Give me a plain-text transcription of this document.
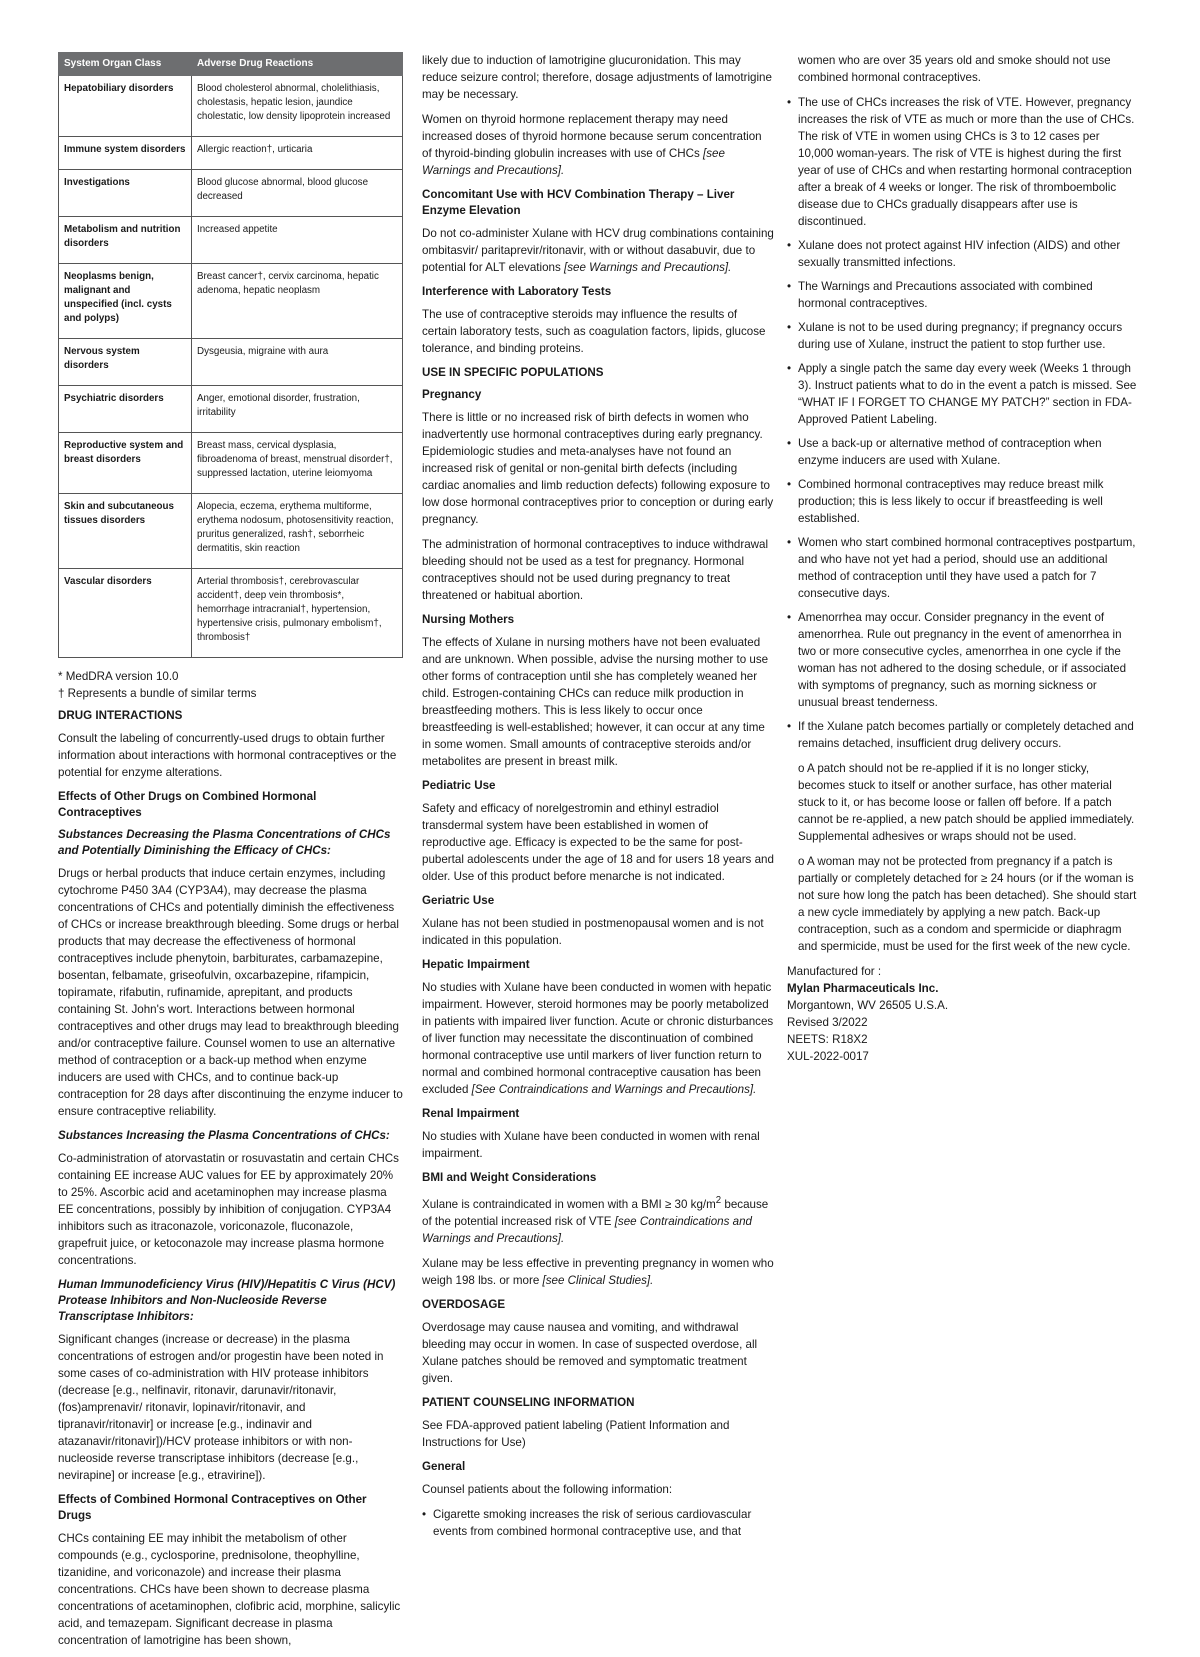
System Organ Class	Adverse Drug Reactions
Hepatobiliary disorders	Blood cholesterol abnormal, cholelithiasis, cholestasis, hepatic lesion, jaundice cholestatic, low density lipoprotein increased
Immune system disorders	Allergic reaction†, urticaria
Investigations	Blood glucose abnormal, blood glucose decreased
Metabolism and nutrition disorders	Increased appetite
Neoplasms benign, malignant and unspecified (incl. cysts and polyps)	Breast cancer†, cervix carcinoma, hepatic adenoma, hepatic neoplasm
Nervous system disorders	Dysgeusia, migraine with aura
Psychiatric disorders	Anger, emotional disorder, frustration, irritability
Reproductive system and breast disorders	Breast mass, cervical dysplasia, fibroadenoma of breast, menstrual disorder†, suppressed lactation, uterine leiomyoma
Skin and subcutaneous tissues disorders	Alopecia, eczema, erythema multiforme, erythema nodosum, photosensitivity reaction, pruritus generalized, rash†, seborrheic dermatitis, skin reaction
Vascular disorders	Arterial thrombosis†, cerebrovascular accident†, deep vein thrombosis*, hemorrhage intracranial†, hypertension, hypertensive crisis, pulmonary embolism†, thrombosis†

* MedDRA version 10.0

† Represents a bundle of similar terms

DRUG INTERACTIONS

Consult the labeling of concurrently-used drugs to obtain further information about interactions with hormonal contraceptives or the potential for enzyme alterations.

Effects of Other Drugs on Combined Hormonal Contraceptives
Substances Decreasing the Plasma Concentrations of CHCs and Potentially Diminishing the Efficacy of CHCs:

Drugs or herbal products that induce certain enzymes, including cytochrome P450 3A4 (CYP3A4), may decrease the plasma concentrations of CHCs and potentially diminish the effectiveness of CHCs or increase breakthrough bleeding. Some drugs or herbal products that may decrease the effectiveness of hormonal contraceptives include phenytoin, barbiturates, carbamazepine, bosentan, felbamate, griseofulvin, oxcarbazepine, rifampicin, topiramate, rifabutin, rufinamide, aprepitant, and products containing St. John's wort. Interactions between hormonal contraceptives and other drugs may lead to breakthrough bleeding and/or contraceptive failure. Counsel women to use an alternative method of contraception or a back-up method when enzyme inducers are used with CHCs, and to continue back-up contraception for 28 days after discontinuing the enzyme inducer to ensure contraceptive reliability.

Substances Increasing the Plasma Concentrations of CHCs:

Co-administration of atorvastatin or rosuvastatin and certain CHCs containing EE increase AUC values for EE by approximately 20% to 25%. Ascorbic acid and acetaminophen may increase plasma EE concentrations, possibly by inhibition of conjugation. CYP3A4 inhibitors such as itraconazole, voriconazole, fluconazole, grapefruit juice, or ketoconazole may increase plasma hormone concentrations.

Human Immunodeficiency Virus (HIV)/Hepatitis C Virus (HCV) Protease Inhibitors and Non-Nucleoside Reverse Transcriptase Inhibitors:

Significant changes (increase or decrease) in the plasma concentrations of estrogen and/or progestin have been noted in some cases of co-administration with HIV protease inhibitors (decrease [e.g., nelfinavir, ritonavir, darunavir/ritonavir, (fos)amprenavir/ ritonavir, lopinavir/ritonavir, and tipranavir/ritonavir] or increase [e.g., indinavir and atazanavir/ritonavir])/HCV protease inhibitors or with non-nucleoside reverse transcriptase inhibitors (decrease [e.g., nevirapine] or increase [e.g., etravirine]).

Effects of Combined Hormonal Contraceptives on Other Drugs

CHCs containing EE may inhibit the metabolism of other compounds (e.g., cyclosporine, prednisolone, theophylline, tizanidine, and voriconazole) and increase their plasma concentrations. CHCs have been shown to decrease plasma concentrations of acetaminophen, clofibric acid, morphine, salicylic acid, and temazepam. Significant decrease in plasma concentration of lamotrigine has been shown,

likely due to induction of lamotrigine glucuronidation. This may reduce seizure control; therefore, dosage adjustments of lamotrigine may be necessary.

Women on thyroid hormone replacement therapy may need increased doses of thyroid hormone because serum concentration of thyroid-binding globulin increases with use of CHCs [see Warnings and Precautions].

Concomitant Use with HCV Combination Therapy – Liver Enzyme Elevation

Do not co-administer Xulane with HCV drug combinations containing ombitasvir/ paritaprevir/ritonavir, with or without dasabuvir, due to potential for ALT elevations [see Warnings and Precautions].

Interference with Laboratory Tests

The use of contraceptive steroids may influence the results of certain laboratory tests, such as coagulation factors, lipids, glucose tolerance, and binding proteins.

USE IN SPECIFIC POPULATIONS
Pregnancy

There is little or no increased risk of birth defects in women who inadvertently use hormonal contraceptives during early pregnancy. Epidemiologic studies and meta-analyses have not found an increased risk of genital or non-genital birth defects (including cardiac anomalies and limb reduction defects) following exposure to low dose hormonal contraceptives prior to conception or during early pregnancy.

The administration of hormonal contraceptives to induce withdrawal bleeding should not be used as a test for pregnancy. Hormonal contraceptives should not be used during pregnancy to treat threatened or habitual abortion.

Nursing Mothers

The effects of Xulane in nursing mothers have not been evaluated and are unknown. When possible, advise the nursing mother to use other forms of contraception until she has completely weaned her child. Estrogen-containing CHCs can reduce milk production in breastfeeding mothers. This is less likely to occur once breastfeeding is well-established; however, it can occur at any time in some women. Small amounts of contraceptive steroids and/or metabolites are present in breast milk.

Pediatric Use

Safety and efficacy of norelgestromin and ethinyl estradiol transdermal system have been established in women of reproductive age. Efficacy is expected to be the same for post-pubertal adolescents under the age of 18 and for users 18 years and older. Use of this product before menarche is not indicated.

Geriatric Use

Xulane has not been studied in postmenopausal women and is not indicated in this population.

Hepatic Impairment

No studies with Xulane have been conducted in women with hepatic impairment. However, steroid hormones may be poorly metabolized in patients with impaired liver function. Acute or chronic disturbances of liver function may necessitate the discontinuation of combined hormonal contraceptive use until markers of liver function return to normal and combined hormonal contraceptive causation has been excluded [See Contraindications and Warnings and Precautions].

Renal Impairment

No studies with Xulane have been conducted in women with renal impairment.

BMI and Weight Considerations

Xulane is contraindicated in women with a BMI ≥ 30 $kg/m^2$ because of the potential increased risk of VTE [see Contraindications and Warnings and Precautions].

Xulane may be less effective in preventing pregnancy in women who weigh 198 lbs. or more [see Clinical Studies].

OVERDOSAGE

Overdosage may cause nausea and vomiting, and withdrawal bleeding may occur in women. In case of suspected overdose, all Xulane patches should be removed and symptomatic treatment given.

PATIENT COUNSELING INFORMATION

See FDA-approved patient labeling (Patient Information and Instructions for Use)

General

Counsel patients about the following information:

• Cigarette smoking increases the risk of serious cardiovascular events from combined hormonal contraceptive use, and that

women who are over 35 years old and smoke should not use combined hormonal contraceptives.

• The use of CHCs increases the risk of VTE. However, pregnancy increases the risk of VTE as much or more than the use of CHCs. The risk of VTE in women using CHCs is 3 to 12 cases per 10,000 woman-years. The risk of VTE is highest during the first year of use of CHCs and when restarting hormonal contraception after a break of 4 weeks or longer. The risk of thromboembolic disease due to CHCs gradually disappears after use is discontinued.
• Xulane does not protect against HIV infection (AIDS) and other sexually transmitted infections.
• The Warnings and Precautions associated with combined hormonal contraceptives.
• Xulane is not to be used during pregnancy; if pregnancy occurs during use of Xulane, instruct the patient to stop further use.
• Apply a single patch the same day every week (Weeks 1 through 3). Instruct patients what to do in the event a patch is missed. See “WHAT IF I FORGET TO CHANGE MY PATCH?” section in FDA-Approved Patient Labeling.
• Use a back-up or alternative method of contraception when enzyme inducers are used with Xulane.
• Combined hormonal contraceptives may reduce breast milk production; this is less likely to occur if breastfeeding is well established.
• Women who start combined hormonal contraceptives postpartum, and who have not yet had a period, should use an additional method of contraception until they have used a patch for 7 consecutive days.
• Amenorrhea may occur. Consider pregnancy in the event of amenorrhea. Rule out pregnancy in the event of amenorrhea in two or more consecutive cycles, amenorrhea in one cycle if the woman has not adhered to the dosing schedule, or if associated with symptoms of pregnancy, such as morning sickness or unusual breast tenderness.
• If the Xulane patch becomes partially or completely detached and remains detached, insufficient drug delivery occurs.

o A patch should not be re-applied if it is no longer sticky, becomes stuck to itself or another surface, has other material stuck to it, or has become loose or fallen off before. If a patch cannot be re-applied, a new patch should be applied immediately. Supplemental adhesives or wraps should not be used.

o A woman may not be protected from pregnancy if a patch is partially or completely detached for ≥ 24 hours (or if the woman is not sure how long the patch has been detached). She should start a new cycle immediately by applying a new patch. Back-up contraception, such as a condom and spermicide or diaphragm and spermicide, must be used for the first week of the new cycle.

Manufactured for :

Mylan Pharmaceuticals Inc.

Morgantown, WV 26505 U.S.A.

Revised 3/2022

NEETS: R18X2

XUL-2022-0017
